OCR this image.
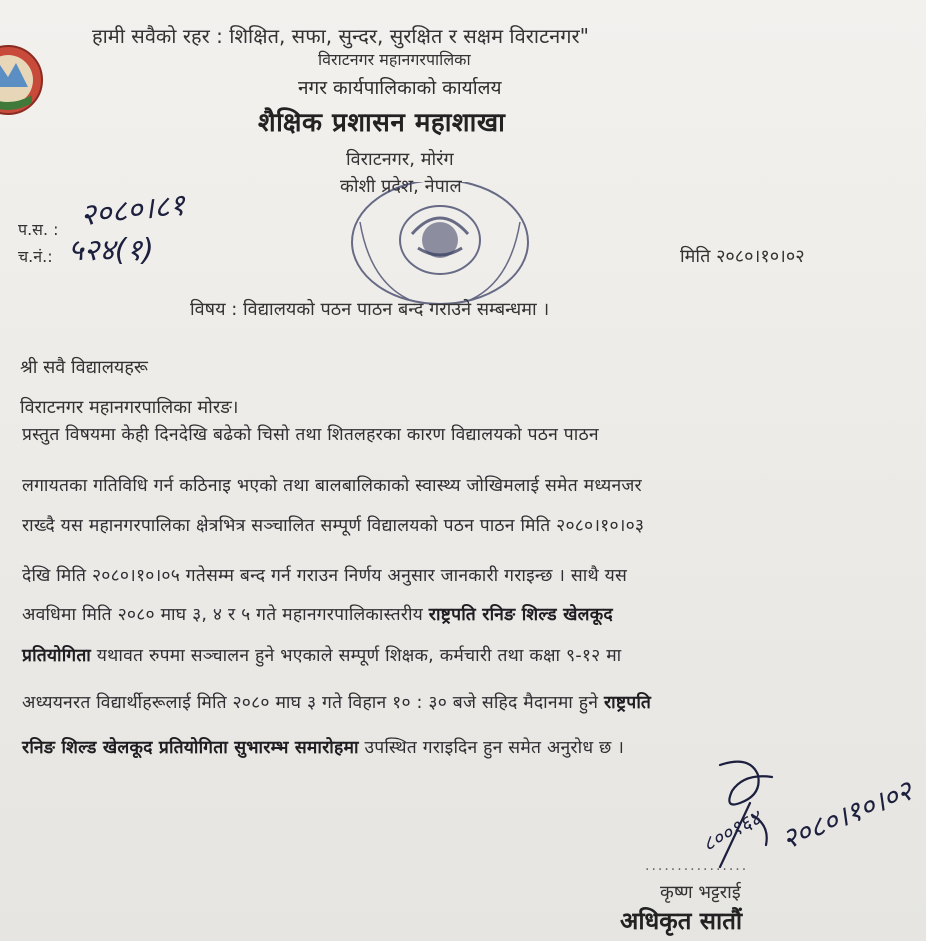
हामी सवैको रहर : शिक्षित, सफा, सुन्दर, सुरक्षित र सक्षम विराटनगर"
विराटनगर महानगरपालिका
नगर कार्यपालिकाको कार्यालय
शैक्षिक प्रशासन महाशाखा
विराटनगर, मोरंग
कोशी प्रदेश, नेपाल
प.स. : २०८०।८१
च.नं.: ५२४(१)	मिति २०८०।१०।०२
विषय : विद्यालयको पठन पाठन बन्द गराउने सम्बन्धमा ।
श्री सवै विद्यालयहरू
विराटनगर महानगरपालिका मोरङ।
प्रस्तुत विषयमा केही दिनदेखि बढेको चिसो तथा शितलहरका कारण विद्यालयको पठन पाठन
लगायतका गतिविधि गर्न कठिनाइ भएको तथा बालबालिकाको स्वास्थ्य जोखिमलाई समेत मध्यनजर
राख्दै यस महानगरपालिका क्षेत्रभित्र सञ्चालित सम्पूर्ण विद्यालयको पठन पाठन मिति २०८०।१०।०३
देखि मिति २०८०।१०।०५ गतेसम्म बन्द गर्न गराउन निर्णय अनुसार जानकारी गराइन्छ । साथै यस
अवधिमा मिति २०८० माघ ३, ४ र ५ गते महानगरपालिकास्तरीय राष्ट्रपति रनिङ शिल्ड खेलकूद
प्रतियोगिता यथावत रुपमा सञ्चालन हुने भएकाले सम्पूर्ण शिक्षक, कर्मचारी तथा कक्षा ९-१२ मा
अध्ययनरत विद्यार्थीहरूलाई मिति २०८० माघ ३ गते विहान १० : ३० बजे सहिद मैदानमा हुने राष्ट्रपति
रनिङ शिल्ड खेलकूद प्रतियोगिता सुभारम्भ समारोहमा उपस्थित गराइदिन हुन समेत अनुरोध छ ।
८००१६४ २०८०।१०।०२
................
कृष्ण भट्टराई
अधिकृत सातौं
